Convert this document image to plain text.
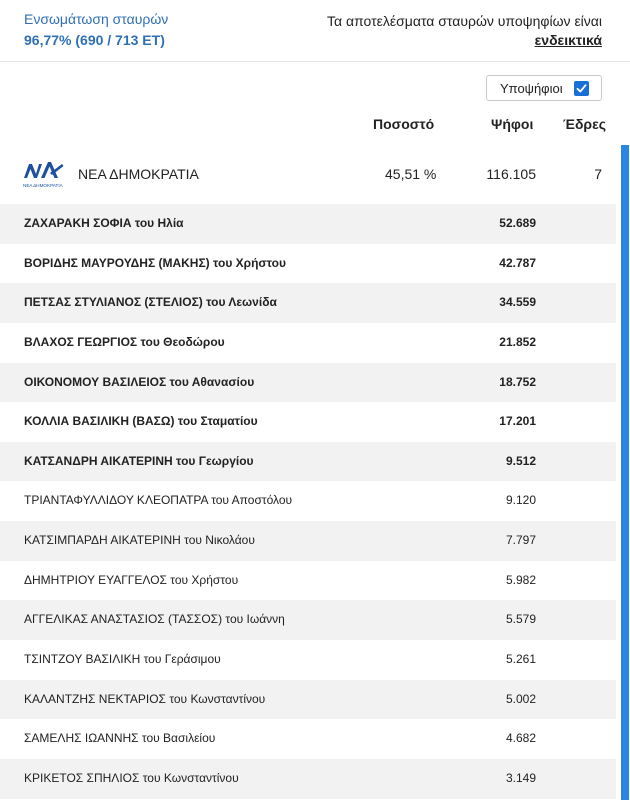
Ενσωμάτωση σταυρών
96,77% (690 / 713 ΕΤ)
Τα αποτελέσματα σταυρών υποψηφίων είναι
ενδεικτικά
Υποψήφιοι
Ποσοστό	Ψήφοι Έδρες
ΝΕΑ ΔΗΜΟΚΡΑΤΙΑ
ΝΕΑ ΔΗΜΟΚΡΑΤΙΑ	45,51 %	116.105	7
ΖΑΧΑΡΑΚΗ ΣΟΦΙΑ του Ηλία	52.689
ΒΟΡΙΔΗΣ ΜΑΥΡΟΥΔΗΣ (ΜΑΚΗΣ) του Χρήστου	42.787
ΠΕΤΣΑΣ ΣΤΥΛΙΑΝΟΣ (ΣΤΕΛΙΟΣ) του Λεωνίδα	34.559
ΒΛΑΧΟΣ ΓΕΩΡΓΙΟΣ του Θεοδώρου	21.852
ΟΙΚΟΝΟΜΟΥ ΒΑΣΙΛΕΙΟΣ του Αθανασίου	18.752
ΚΟΛΛΙΑ ΒΑΣΙΛΙΚΗ (ΒΑΣΩ) του Σταματίου	17.201
ΚΑΤΣΑΝΔΡΗ ΑΙΚΑΤΕΡΙΝΗ του Γεωργίου	9.512
ΤΡΙΑΝΤΑΦΥΛΛΙΔΟΥ ΚΛΕΟΠΑΤΡΑ του Αποστόλου	9.120
ΚΑΤΣΙΜΠΑΡΔΗ ΑΙΚΑΤΕΡΙΝΗ του Νικολάου	7.797
ΔΗΜΗΤΡΙΟΥ ΕΥΑΓΓΕΛΟΣ του Χρήστου	5.982
ΑΓΓΕΛΙΚΑΣ ΑΝΑΣΤΑΣΙΟΣ (ΤΑΣΣΟΣ) του Ιωάννη	5.579
ΤΣΙΝΤΖΟΥ ΒΑΣΙΛΙΚΗ του Γεράσιμου	5.261
ΚΑΛΑΝΤΖΗΣ ΝΕΚΤΑΡΙΟΣ του Κωνσταντίνου	5.002
ΣΑΜΕΛΗΣ ΙΩΑΝΝΗΣ του Βασιλείου	4.682
ΚΡΙΚΕΤΟΣ ΣΠΗΛΙΟΣ του Κωνσταντίνου	3.149
